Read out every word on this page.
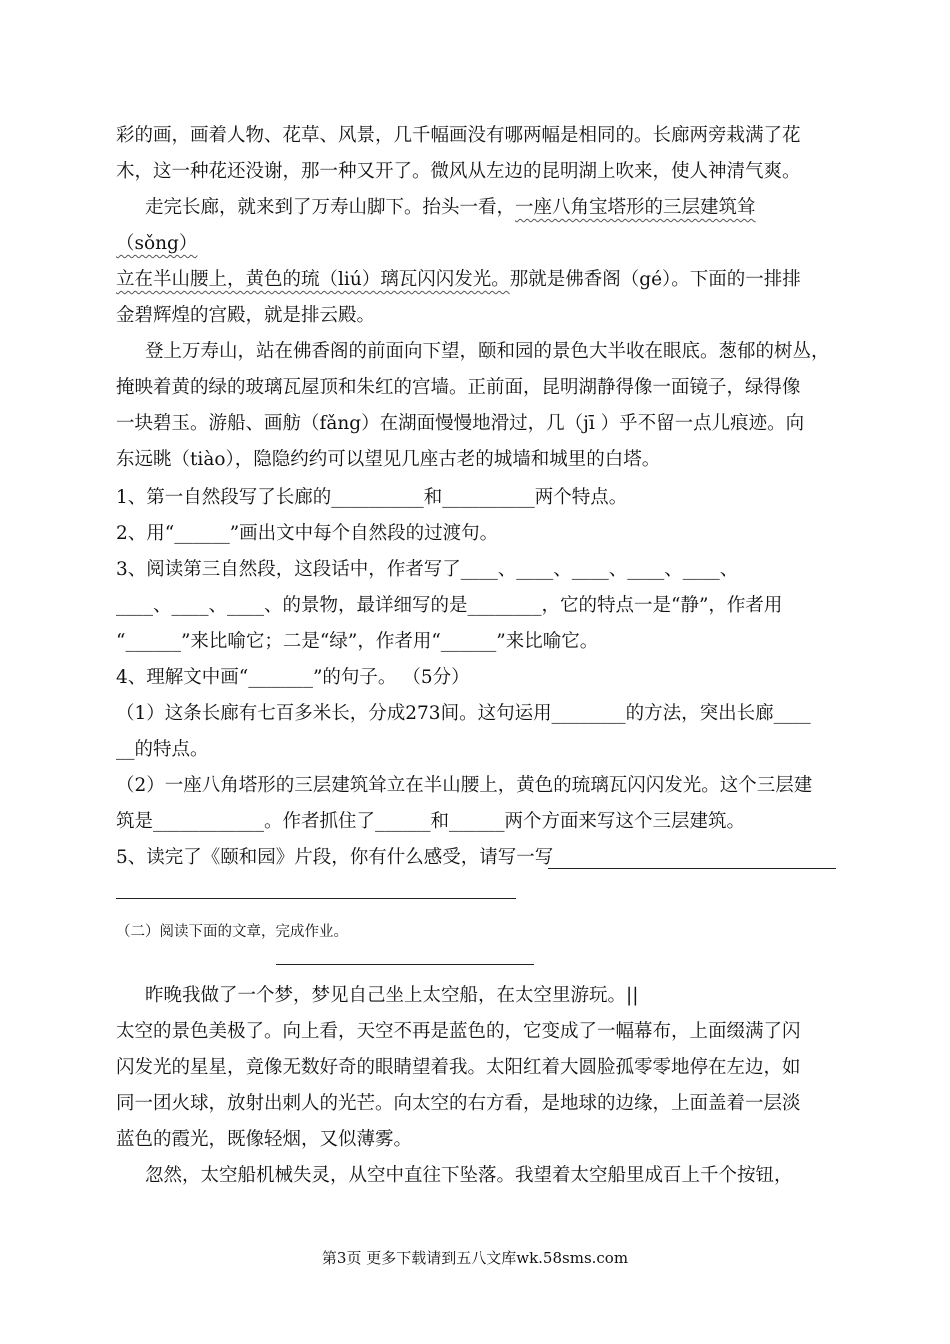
彩的画，画着人物、花草、风景，几千幅画没有哪两幅是相同的。长廊两旁栽满了花
木，这一种花还没谢，那一种又开了。微风从左边的昆明湖上吹来，使人神清气爽。
走完长廊，就来到了万寿山脚下。抬头一看，一座八角宝塔形的三层建筑耸
（sǒng）
立在半山腰上，黄色的琉（liú）璃瓦闪闪发光。那就是佛香阁（gé）。下面的一排排
金碧辉煌的宫殿，就是排云殿。
登上万寿山，站在佛香阁的前面向下望，颐和园的景色大半收在眼底。葱郁的树丛，
掩映着黄的绿的玻璃瓦屋顶和朱红的宫墙。正前面，昆明湖静得像一面镜子，绿得像
一块碧玉。游船、画舫（fǎng）在湖面慢慢地滑过，几（jī ）乎不留一点儿痕迹。向
东远眺（tiào），隐隐约约可以望见几座古老的城墙和城里的白塔。
1、第一自然段写了长廊的__________和__________两个特点。
2、用“______”画出文中每个自然段的过渡句。
3、阅读第三自然段，这段话中，作者写了____、____、____、____、____、
____、____、____、的景物，最详细写的是________，它的特点一是“静”，作者用
“______”来比喻它；二是“绿”，作者用“______”来比喻它。
4、理解文中画“_______”的句子。 （5分）
（1）这条长廊有七百多米长，分成273间。这句运用________的方法，突出长廊____
__的特点。
（2）一座八角塔形的三层建筑耸立在半山腰上，黄色的琉璃瓦闪闪发光。这个三层建
筑是____________。作者抓住了______和______两个方面来写这个三层建筑。
5、读完了《颐和园》片段，你有什么感受，请写一写
（二）阅读下面的文章，完成作业。
昨晚我做了一个梦，梦见自己坐上太空船，在太空里游玩。||
太空的景色美极了。向上看，天空不再是蓝色的，它变成了一幅幕布，上面缀满了闪
闪发光的星星，竟像无数好奇的眼睛望着我。太阳红着大圆脸孤零零地停在左边，如
同一团火球，放射出刺人的光芒。向太空的右方看，是地球的边缘，上面盖着一层淡
蓝色的霞光，既像轻烟，又似薄雾。
忽然，太空船机械失灵，从空中直往下坠落。我望着太空船里成百上千个按钮，
第3页 更多下载请到五八文库wk.58sms.com
